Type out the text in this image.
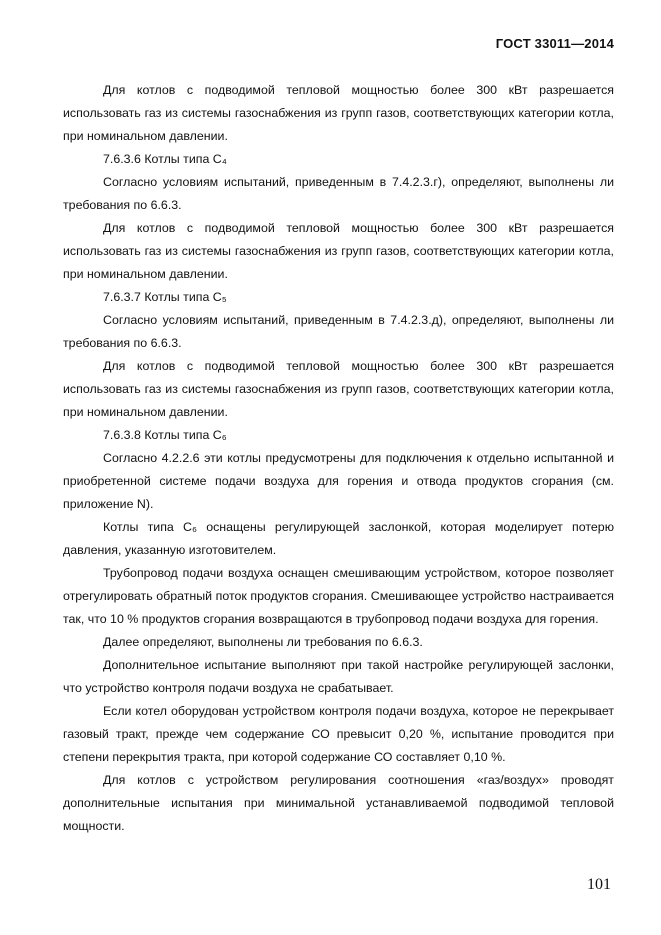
ГОСТ 33011—2014

Для котлов с подводимой тепловой мощностью более 300 кВт разрешается использовать газ из системы газоснабжения из групп газов, соответствующих категории котла, при номинальном давлении.

7.6.3.6 Котлы типа С₄

Согласно условиям испытаний, приведенным в 7.4.2.3.г), определяют, выполнены ли требования по 6.6.3.

Для котлов с подводимой тепловой мощностью более 300 кВт разрешается использовать газ из системы газоснабжения из групп газов, соответствующих категории котла, при номинальном давлении.

7.6.3.7 Котлы типа С₅

Согласно условиям испытаний, приведенным в 7.4.2.3.д), определяют, выполнены ли требования по 6.6.3.

Для котлов с подводимой тепловой мощностью более 300 кВт разрешается использовать газ из системы газоснабжения из групп газов, соответствующих категории котла, при номинальном давлении.

7.6.3.8 Котлы типа С₆

Согласно 4.2.2.6 эти котлы предусмотрены для подключения к отдельно испытанной и приобретенной системе подачи воздуха для горения и отвода продуктов сгорания (см. приложение N).

Котлы типа С₆ оснащены регулирующей заслонкой, которая моделирует потерю давления, указанную изготовителем.

Трубопровод подачи воздуха оснащен смешивающим устройством, которое позволяет отрегулировать обратный поток продуктов сгорания. Смешивающее устройство настраивается так, что 10 % продуктов сгорания возвращаются в трубопровод подачи воздуха для горения.

Далее определяют, выполнены ли требования по 6.6.3.

Дополнительное испытание выполняют при такой настройке регулирующей заслонки, что устройство контроля подачи воздуха не срабатывает.

Если котел оборудован устройством контроля подачи воздуха, которое не перекрывает газовый тракт, прежде чем содержание СО превысит 0,20 %, испытание проводится при степени перекрытия тракта, при которой содержание СО составляет 0,10 %.

Для котлов с устройством регулирования соотношения «газ/воздух» проводят дополнительные испытания при минимальной устанавливаемой подводимой тепловой мощности.

101
